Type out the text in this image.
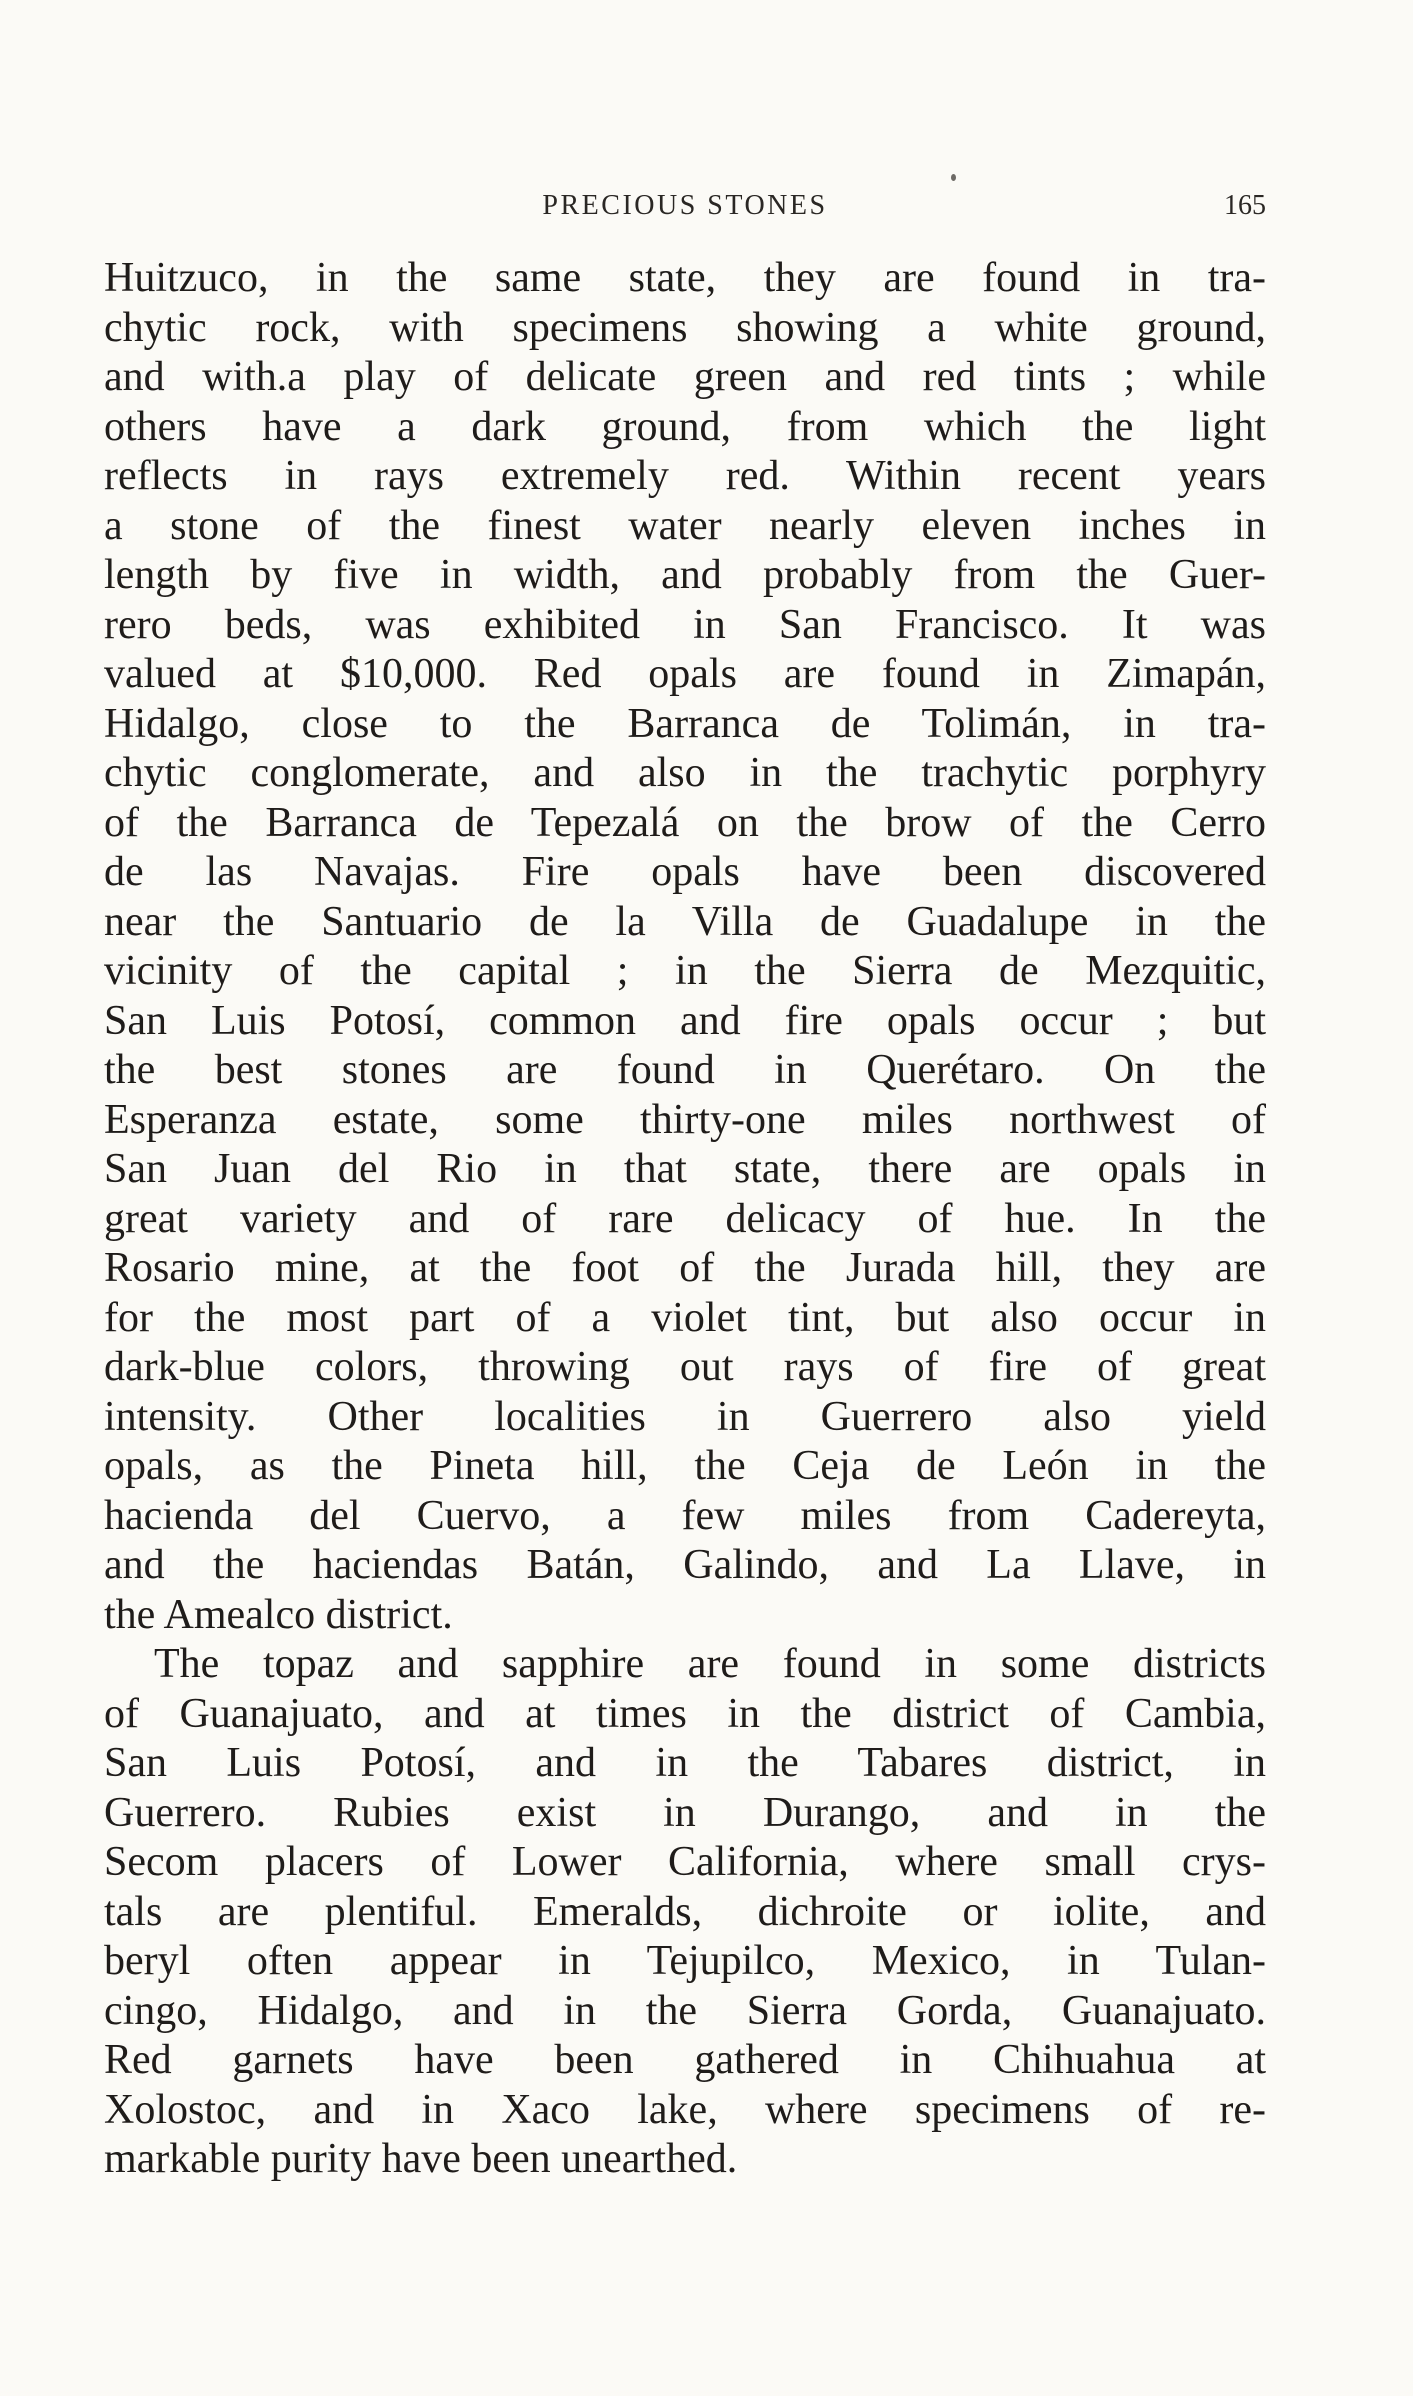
PRECIOUS STONES	165
Huitzuco, in the same state, they are found in tra-
chytic rock, with specimens showing a white ground,
and with.a play of delicate green and red tints ; while
others have a dark ground, from which the light
reflects in rays extremely red. Within recent years
a stone of the finest water nearly eleven inches in
length by five in width, and probably from the Guer-
rero beds, was exhibited in San Francisco. It was
valued at $10,000. Red opals are found in Zimapán,
Hidalgo, close to the Barranca de Tolimán, in tra-
chytic conglomerate, and also in the trachytic porphyry
of the Barranca de Tepezalá on the brow of the Cerro
de las Navajas. Fire opals have been discovered
near the Santuario de la Villa de Guadalupe in the
vicinity of the capital ; in the Sierra de Mezquitic,
San Luis Potosí, common and fire opals occur ; but
the best stones are found in Querétaro. On the
Esperanza estate, some thirty-one miles northwest of
San Juan del Rio in that state, there are opals in
great variety and of rare delicacy of hue. In the
Rosario mine, at the foot of the Jurada hill, they are
for the most part of a violet tint, but also occur in
dark-blue colors, throwing out rays of fire of great
intensity. Other localities in Guerrero also yield
opals, as the Pineta hill, the Ceja de León in the
hacienda del Cuervo, a few miles from Cadereyta,
and the haciendas Batán, Galindo, and La Llave, in
the Amealco district.
The topaz and sapphire are found in some districts
of Guanajuato, and at times in the district of Cambia,
San Luis Potosí, and in the Tabares district, in
Guerrero. Rubies exist in Durango, and in the
Secom placers of Lower California, where small crys-
tals are plentiful. Emeralds, dichroite or iolite, and
beryl often appear in Tejupilco, Mexico, in Tulan-
cingo, Hidalgo, and in the Sierra Gorda, Guanajuato.
Red garnets have been gathered in Chihuahua at
Xolostoc, and in Xaco lake, where specimens of re-
markable purity have been unearthed.
